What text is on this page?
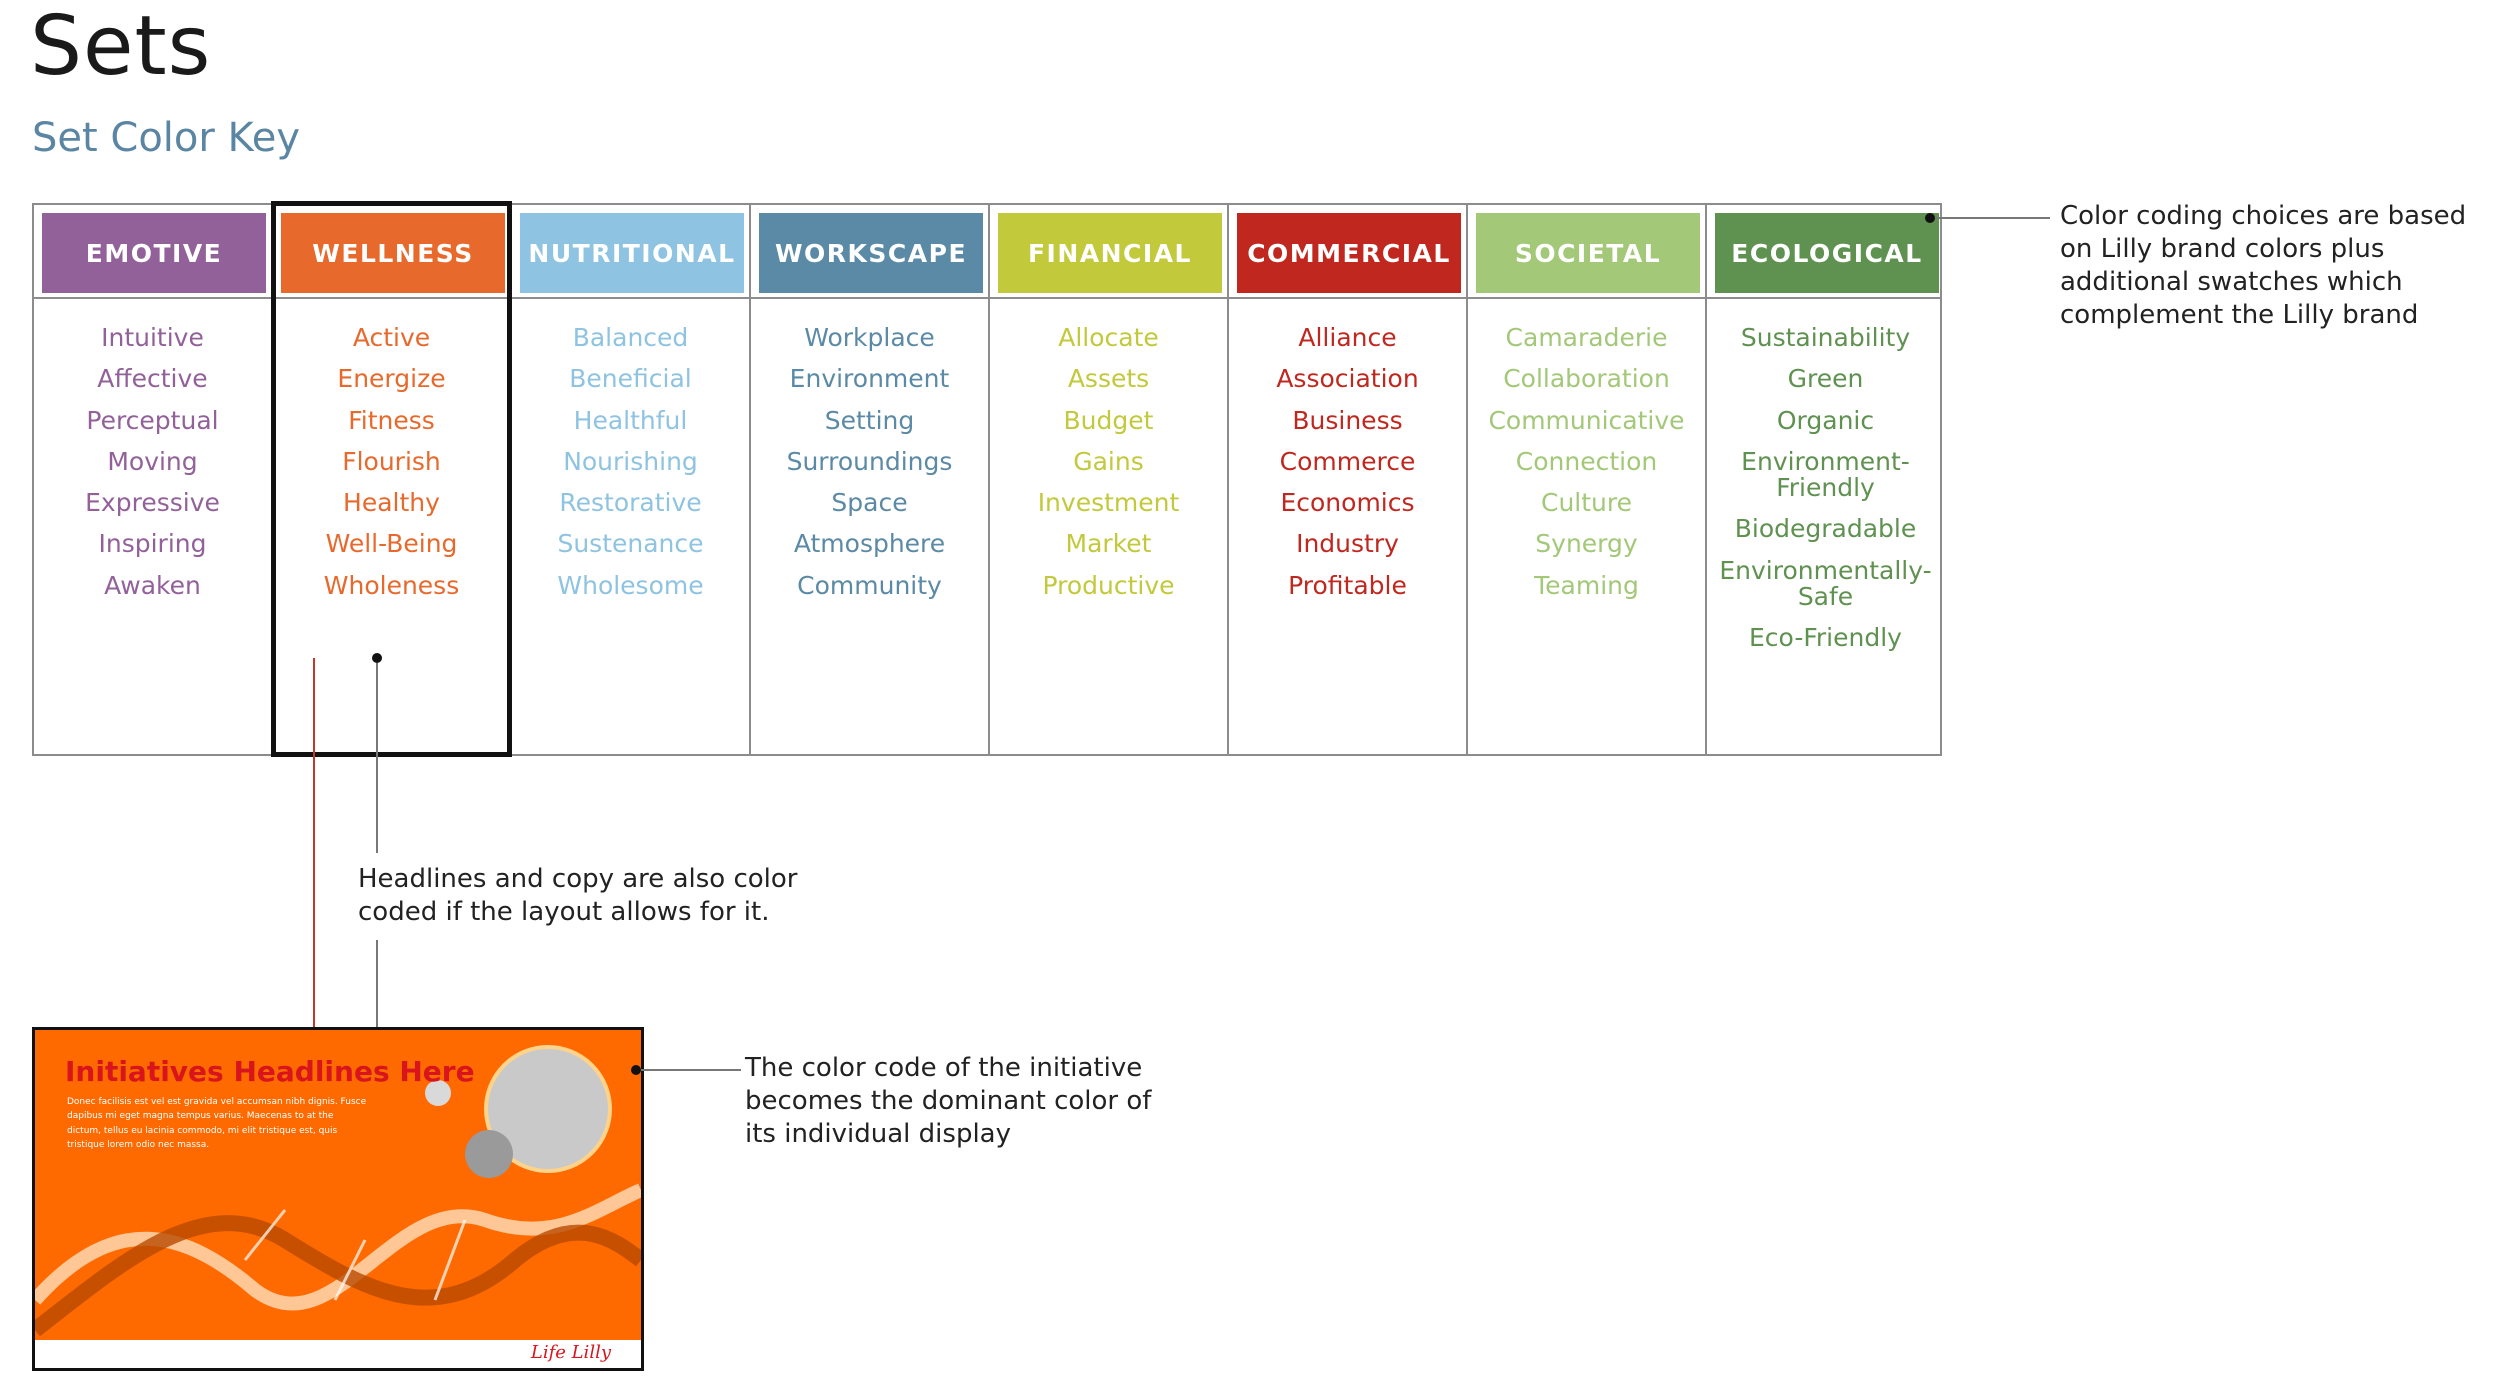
Sets
Set Color Key
EMOTIVE
Intuitive
Affective
Perceptual
Moving
Expressive
Inspiring
Awaken
WELLNESS
Active
Energize
Fitness
Flourish
Healthy
Well-Being
Wholeness
NUTRITIONAL
Balanced
Beneficial
Healthful
Nourishing
Restorative
Sustenance
Wholesome
WORKSCAPE
Workplace
Environment
Setting
Surroundings
Space
Atmosphere
Community
FINANCIAL
Allocate
Assets
Budget
Gains
Investment
Market
Productive
COMMERCIAL
Alliance
Association
Business
Commerce
Economics
Industry
Profitable
SOCIETAL
Camaraderie
Collaboration
Communicative
Connection
Culture
Synergy
Teaming
ECOLOGICAL
Sustainability
Green
Organic
Environment-Friendly
Biodegradable
Environmentally-Safe
Eco-Friendly
Color coding choices are based on Lilly brand colors plus additional swatches which complement the Lilly brand
Headlines and copy are also color coded if the layout allows for it.
Initiatives Headlines Here
Donec facilisis est vel est gravida vel accumsan nibh dignis. Fusce dapibus mi eget magna tempus varius. Maecenas to at the dictum, tellus eu lacinia commodo, mi elit tristique est, quis tristique lorem odio nec massa.
Life Lilly
The color code of the initiative becomes the dominant color of its individual display
